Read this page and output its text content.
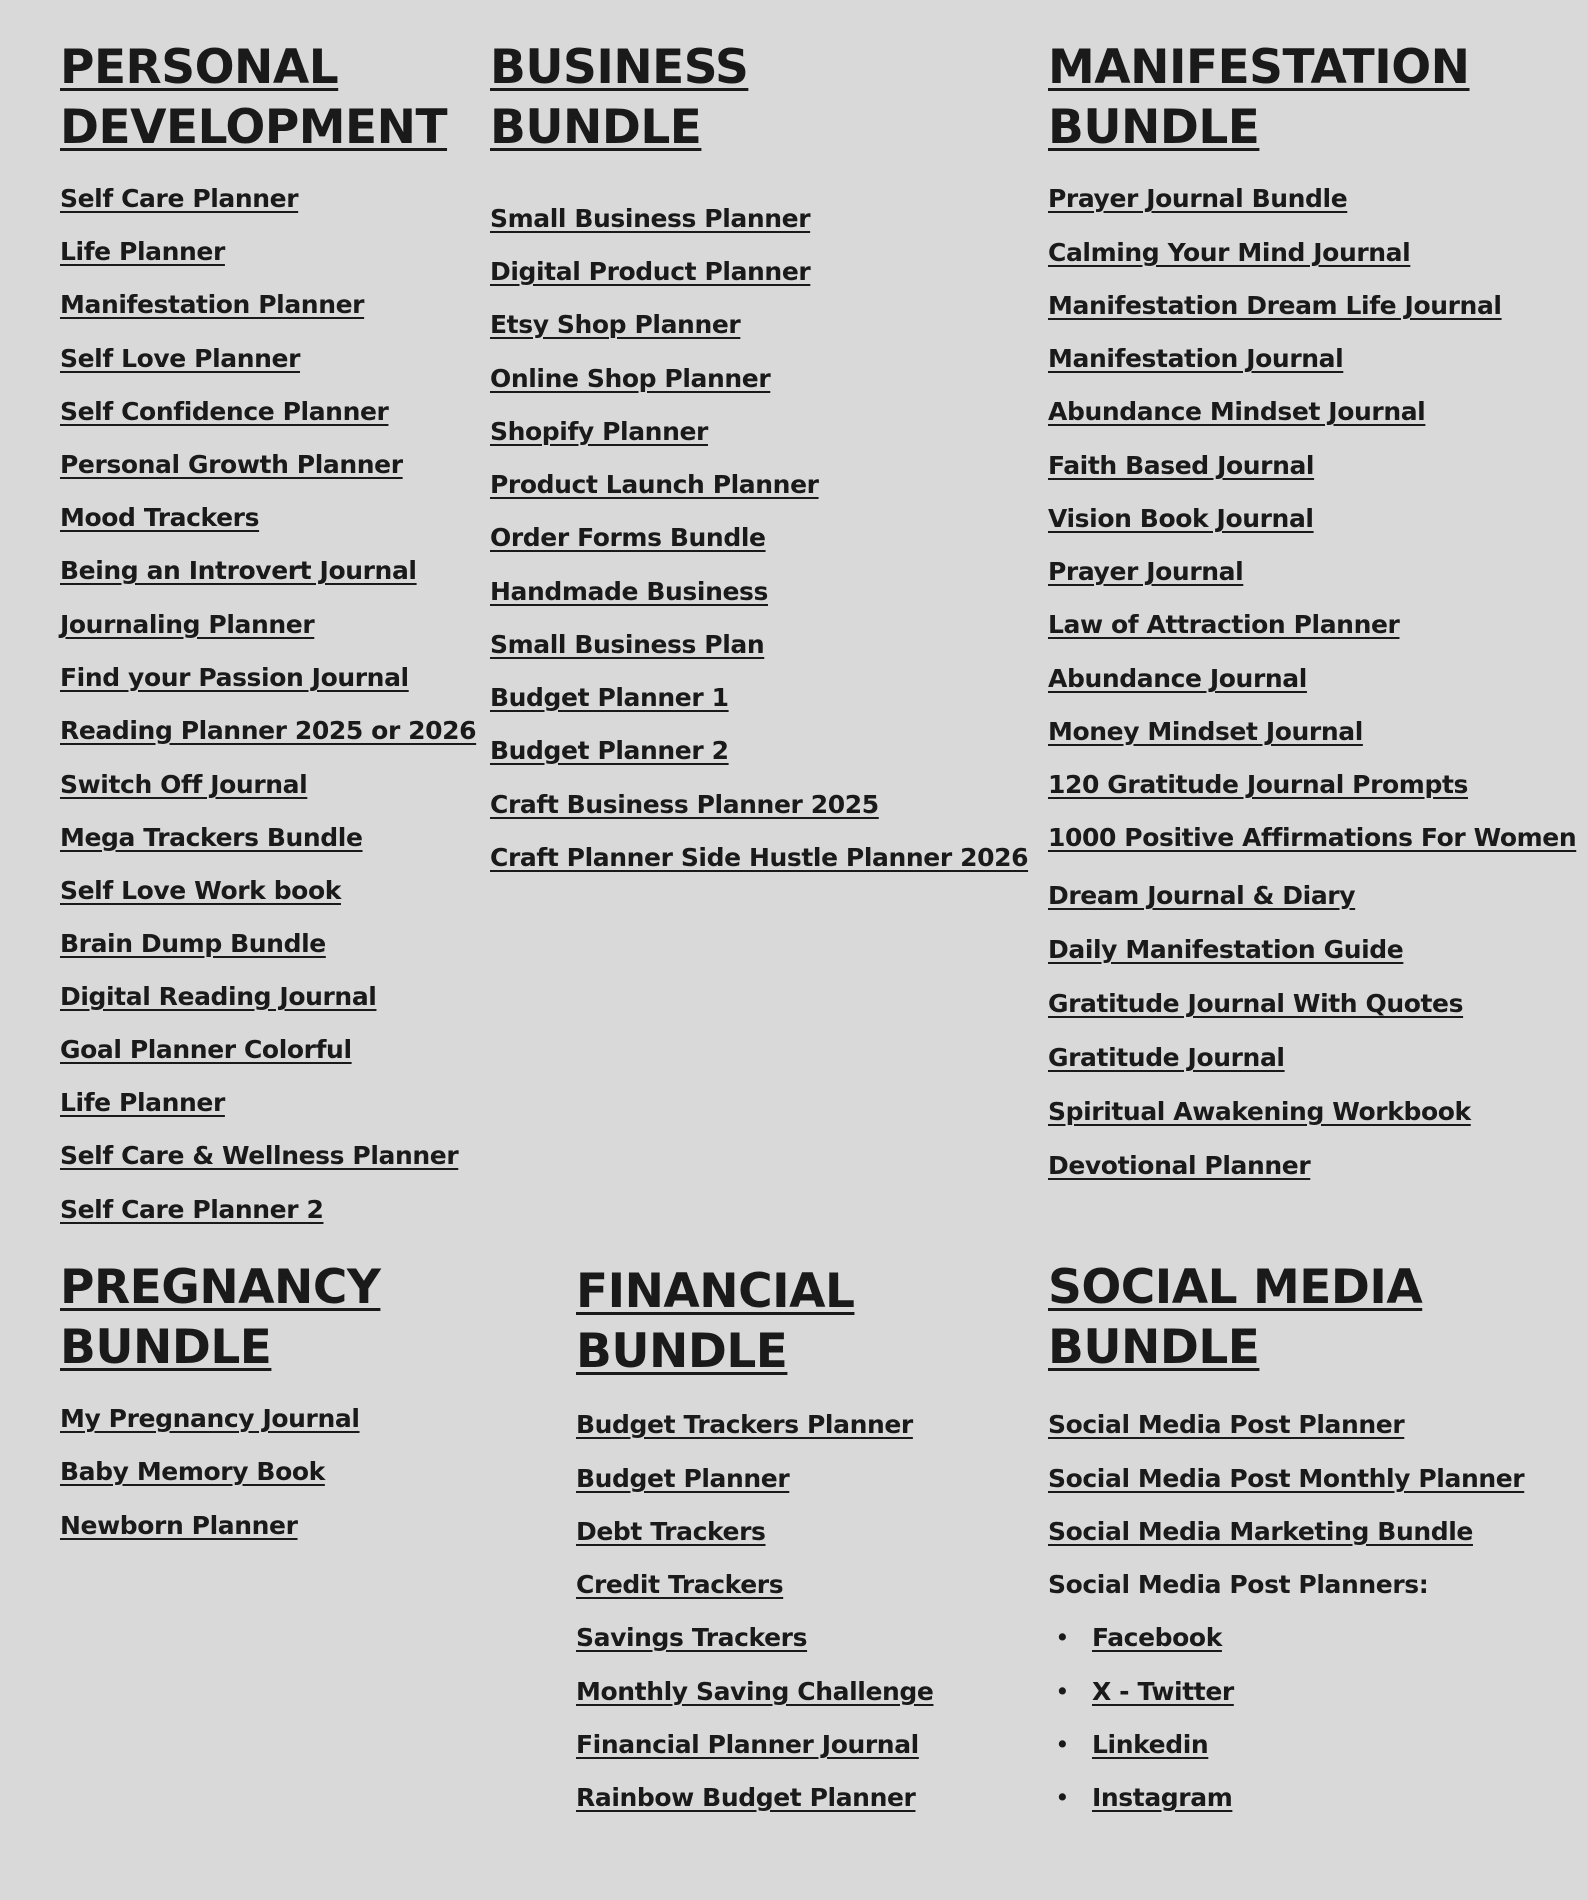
PERSONAL
DEVELOPMENT
Self Care Planner
Life Planner
Manifestation Planner
Self Love Planner
Self Confidence Planner
Personal Growth Planner
Mood Trackers
Being an Introvert Journal
Journaling Planner
Find your Passion Journal
Reading Planner 2025 or 2026
Switch Off Journal
Mega Trackers Bundle
Self Love Work book
Brain Dump Bundle
Digital Reading Journal
Goal Planner Colorful
Life Planner
Self Care & Wellness Planner
Self Care Planner 2
BUSINESS
BUNDLE
Small Business Planner
Digital Product Planner
Etsy Shop Planner
Online Shop Planner
Shopify Planner
Product Launch Planner
Order Forms Bundle
Handmade Business
Small Business Plan
Budget Planner 1
Budget Planner 2
Craft Business Planner 2025
Craft Planner Side Hustle Planner 2026
MANIFESTATION
BUNDLE
Prayer Journal Bundle
Calming Your Mind Journal
Manifestation Dream Life Journal
Manifestation Journal
Abundance Mindset Journal
Faith Based Journal
Vision Book Journal
Prayer Journal
Law of Attraction Planner
Abundance Journal
Money Mindset Journal
120 Gratitude Journal Prompts
1000 Positive Affirmations For Women
Dream Journal & Diary
Daily Manifestation Guide
Gratitude Journal With Quotes
Gratitude Journal
Spiritual Awakening Workbook
Devotional Planner
PREGNANCY
BUNDLE
My Pregnancy Journal
Baby Memory Book
Newborn Planner
FINANCIAL
BUNDLE
Budget Trackers Planner
Budget Planner
Debt Trackers
Credit Trackers
Savings Trackers
Monthly Saving Challenge
Financial Planner Journal
Rainbow Budget Planner
SOCIAL MEDIA
BUNDLE
Social Media Post Planner
Social Media Post Monthly Planner
Social Media Marketing Bundle
Social Media Post Planners:
• Facebook
• X - Twitter
• Linkedin
• Instagram
